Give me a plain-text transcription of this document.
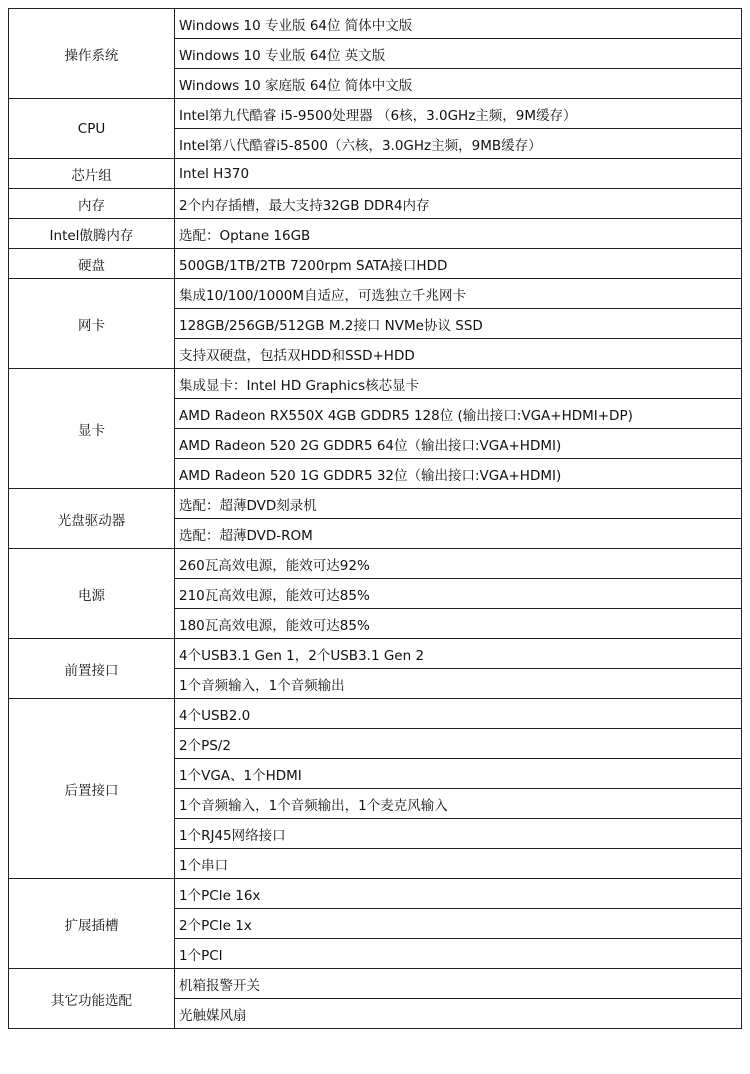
操作系统	Windows 10 专业版 64位 简体中文版
	Windows 10 专业版 64位 英文版
	Windows 10 家庭版 64位 简体中文版
CPU	Intel第九代酷睿 i5-9500处理器 （6核，3.0GHz主频，9M缓存）
	Intel第八代酷睿i5-8500（六核，3.0GHz主频，9MB缓存）
芯片组	Intel H370
内存	2个内存插槽，最大支持32GB DDR4内存
Intel傲腾内存	选配：Optane 16GB
硬盘	500GB/1TB/2TB 7200rpm SATA接口HDD
网卡	集成10/100/1000M自适应，可选独立千兆网卡
	128GB/256GB/512GB M.2接口 NVMe协议 SSD
	支持双硬盘，包括双HDD和SSD+HDD
显卡	集成显卡：Intel HD Graphics核芯显卡
	AMD Radeon RX550X 4GB GDDR5 128位 (输出接口:VGA+HDMI+DP)
	AMD Radeon 520 2G GDDR5 64位（输出接口:VGA+HDMI)
	AMD Radeon 520 1G GDDR5 32位（输出接口:VGA+HDMI)
光盘驱动器	选配：超薄DVD刻录机
	选配：超薄DVD-ROM
电源	260瓦高效电源，能效可达92%
	210瓦高效电源，能效可达85%
	180瓦高效电源，能效可达85%
前置接口	4个USB3.1 Gen 1，2个USB3.1 Gen 2
	1个音频输入，1个音频输出
后置接口	4个USB2.0
	2个PS/2
	1个VGA、1个HDMI
	1个音频输入，1个音频输出，1个麦克风输入
	1个RJ45网络接口
	1个串口
扩展插槽	1个PCIe 16x
	2个PCIe 1x
	1个PCI
其它功能选配	机箱报警开关
	光触媒风扇
